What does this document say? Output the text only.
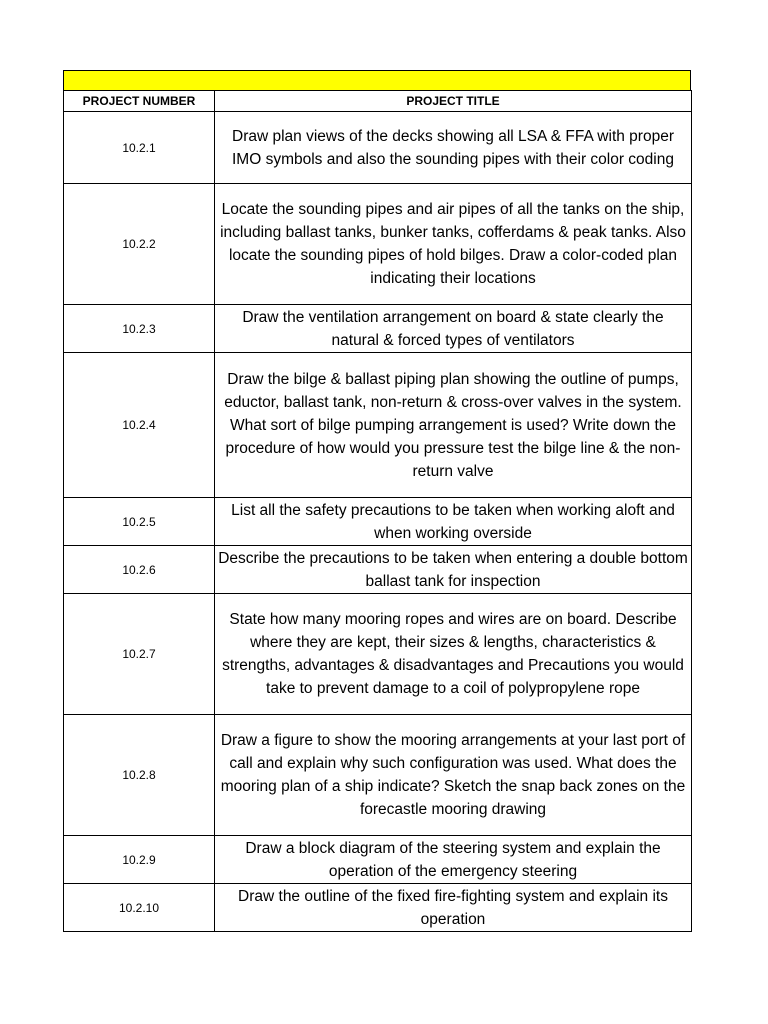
PROJECT NUMBER	PROJECT TITLE
10.2.1	Draw plan views of the decks showing all LSA & FFA with proper IMO symbols and also the sounding pipes with their color coding
10.2.2	Locate the sounding pipes and air pipes of all the tanks on the ship, including ballast tanks, bunker tanks, cofferdams & peak tanks. Also locate the sounding pipes of hold bilges. Draw a color-coded plan indicating their locations
10.2.3	Draw the ventilation arrangement on board & state clearly the natural & forced types of ventilators
10.2.4	Draw the bilge & ballast piping plan showing the outline of pumps, eductor, ballast tank, non-return & cross-over valves in the system. What sort of bilge pumping arrangement is used? Write down the procedure of how would you pressure test the bilge line & the non-return valve
10.2.5	List all the safety precautions to be taken when working aloft and when working overside
10.2.6	Describe the precautions to be taken when entering a double bottom ballast tank for inspection
10.2.7	State how many mooring ropes and wires are on board. Describe where they are kept, their sizes & lengths, characteristics & strengths, advantages & disadvantages and Precautions you would take to prevent damage to a coil of polypropylene rope
10.2.8	Draw a figure to show the mooring arrangements at your last port of call and explain why such configuration was used. What does the mooring plan of a ship indicate? Sketch the snap back zones on the forecastle mooring drawing
10.2.9	Draw a block diagram of the steering system and explain the operation of the emergency steering
10.2.10	Draw the outline of the fixed fire-fighting system and explain its operation
